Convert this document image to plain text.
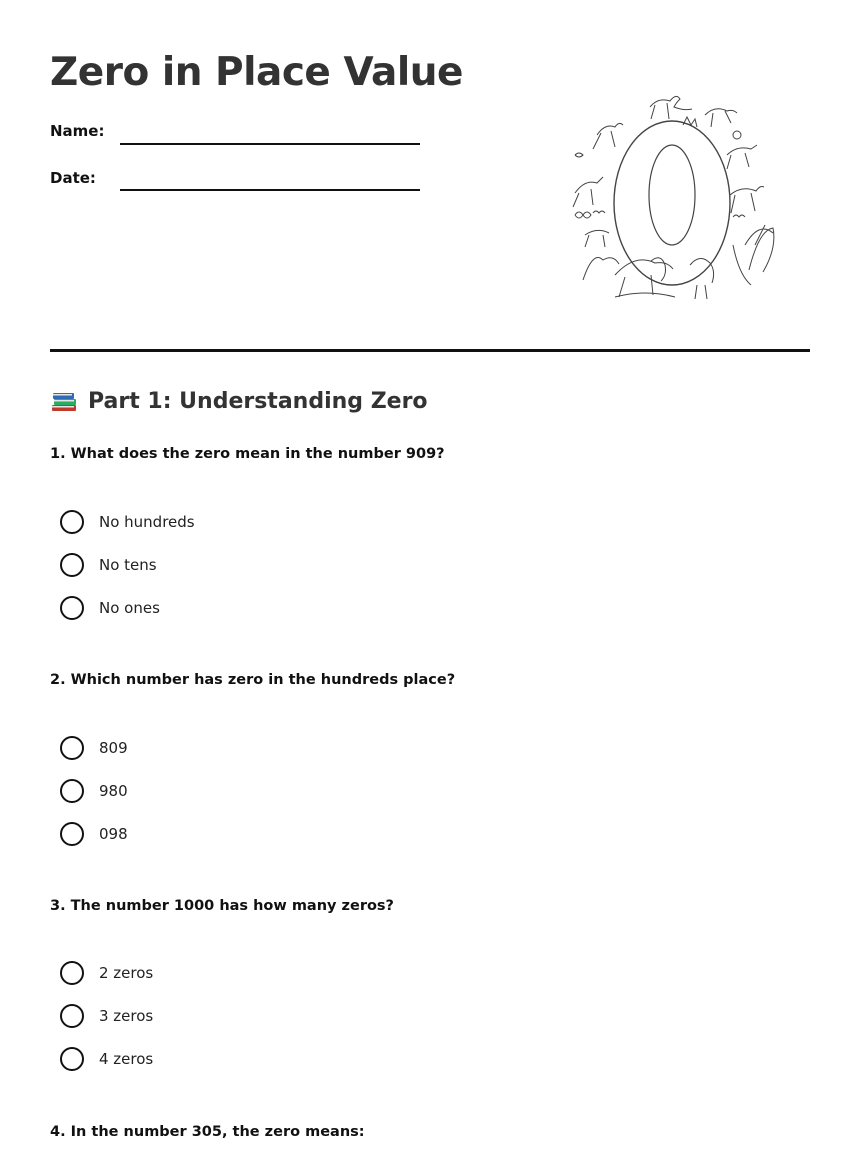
Zero in Place Value
Name:
Date:
Part 1: Understanding Zero

1. What does the zero mean in the number 909?

No hundreds
No tens
No ones

2. Which number has zero in the hundreds place?

809
980
098

3. The number 1000 has how many zeros?

2 zeros
3 zeros
4 zeros

4. In the number 305, the zero means:
